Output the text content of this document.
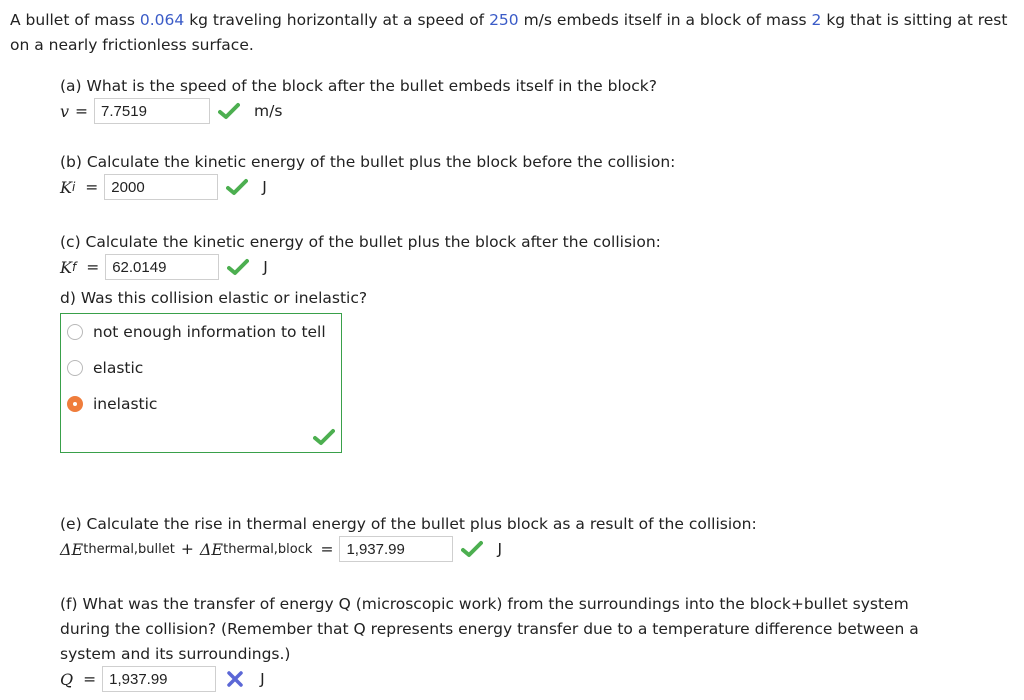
A bullet of mass 0.064 kg traveling horizontally at a speed of 250 m/s embeds itself in a block of mass 2 kg that is sitting at rest on a nearly frictionless surface.
(a) What is the speed of the block after the bullet embeds itself in the block?
v = 7.7519	m/s
(b) Calculate the kinetic energy of the bullet plus the block before the collision:
K i = 2000	J
(c) Calculate the kinetic energy of the bullet plus the block after the collision:
K f = 62.0149	J
d) Was this collision elastic or inelastic?
not enough information to tell
elastic
inelastic
(e) Calculate the rise in thermal energy of the bullet plus block as a result of the collision:
ΔE thermal,bullet + ΔE thermal,block = 1,937.99	J
(f) What was the transfer of energy Q (microscopic work) from the surroundings into the block+bullet system during the collision? (Remember that Q represents energy transfer due to a temperature difference between a system and its surroundings.)
Q = 1,937.99	J
